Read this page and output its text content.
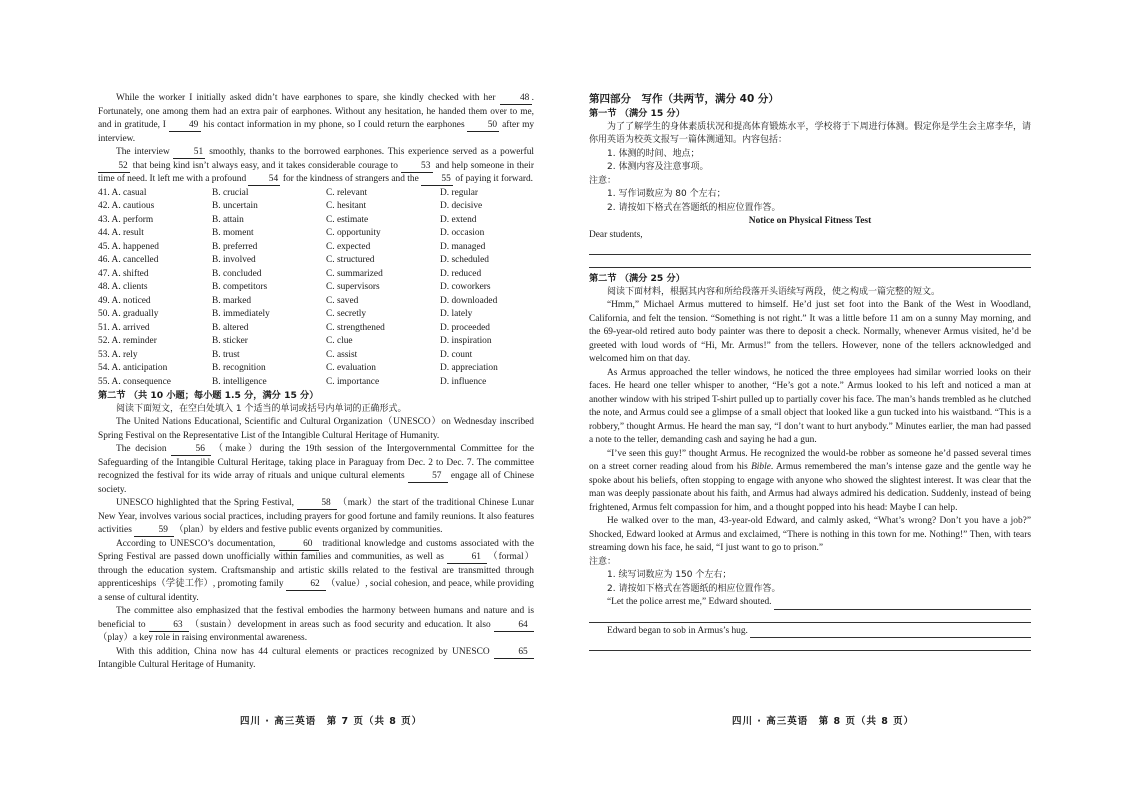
While the worker I initially asked didn’t have earphones to spare, she kindly checked with her	48 . Fortunately, one among them had an extra pair of earphones. Without any hesitation, he handed them over to me, and in gratitude, I 49 his contact information in my phone, so I could return the earphones 50 after my interview.

The interview	51 smoothly, thanks to the borrowed earphones. This experience served as a powerful 52 that being kind isn’t always easy, and it takes considerable courage to 53 and help someone in their time of need. It left me with a profound 54 for the kindness of strangers and the 55 of paying it forward.

41. A. casual	B. crucial	C. relevant	D. regular
42. A. cautious	B. uncertain	C. hesitant	D. decisive
43. A. perform	B. attain	C. estimate	D. extend
44. A. result	B. moment	C. opportunity	D. occasion
45. A. happened	B. preferred	C. expected	D. managed
46. A. cancelled	B. involved	C. structured	D. scheduled
47. A. shifted	B. concluded	C. summarized	D. reduced
48. A. clients	B. competitors	C. supervisors	D. coworkers
49. A. noticed	B. marked	C. saved	D. downloaded
50. A. gradually	B. immediately	C. secretly	D. lately
51. A. arrived	B. altered	C. strengthened	D. proceeded
52. A. reminder	B. sticker	C. clue	D. inspiration
53. A. rely	B. trust	C. assist	D. count
54. A. anticipation	B. recognition	C. evaluation	D. appreciation
55. A. consequence	B. intelligence	C. importance	D. influence

第二节 （共 10 小题；每小题 1.5 分，满分 15 分）

阅读下面短文，在空白处填入 1 个适当的单词或括号内单词的正确形式。

The United Nations Educational, Scientific and Cultural Organization（UNESCO）on Wednesday inscribed Spring Festival on the Representative List of the Intangible Cultural Heritage of Humanity.

The decision	56 （make）during the 19th session of the Intergovernmental Committee for the Safeguarding of the Intangible Cultural Heritage, taking place in Paraguay from Dec. 2 to Dec. 7. The committee recognized the festival for its wide array of rituals and unique cultural elements	57 engage all of Chinese society.

UNESCO highlighted that the Spring Festival,	58 （mark）the start of the traditional Chinese Lunar New Year, involves various social practices, including prayers for good fortune and family reunions. It also features activities	59 （plan）by elders and festive public events organized by communities.

According to UNESCO’s documentation,	60 traditional knowledge and customs associated with the Spring Festival are passed down unofficially within families and communities, as well as	61 （formal）through the education system. Craftsmanship and artistic skills related to the festival are transmitted through apprenticeships（学徒工作）, promoting family	62 （value）, social cohesion, and peace, while providing a sense of cultural identity.

The committee also emphasized that the festival embodies the harmony between humans and nature and is beneficial to	63 （sustain）development in areas such as food security and education. It also	64（play）a key role in raising environmental awareness.

With this addition, China now has 44 cultural elements or practices recognized by UNESCO	65 Intangible Cultural Heritage of Humanity.

四川 · 高三英语　第 7 页（共 8 页）

第四部分　写作（共两节，满分 40 分）

第一节 （满分 15 分）

为了了解学生的身体素质状况和提高体育锻炼水平，学校将于下周进行体测。假定你是学生会主席李华，请你用英语为校英文报写一篇体测通知。内容包括：

1. 体测的时间、地点；

2. 体测内容及注意事项。

注意：

1. 写作词数应为 80 个左右；

2. 请按如下格式在答题纸的相应位置作答。

Notice on Physical Fitness Test

Dear students,

第二节 （满分 25 分）

阅读下面材料，根据其内容和所给段落开头语续写两段，使之构成一篇完整的短文。

“Hmm,” Michael Armus muttered to himself. He’d just set foot into the Bank of the West in Woodland, California, and felt the tension. “Something is not right.” It was a little before 11 am on a sunny May morning, and the 69-year-old retired auto body painter was there to deposit a check. Normally, whenever Armus visited, he’d be greeted with loud words of “Hi, Mr. Armus!” from the tellers. However, none of the tellers acknowledged and welcomed him on that day.

As Armus approached the teller windows, he noticed the three employees had similar worried looks on their faces. He heard one teller whisper to another, “He’s got a note.” Armus looked to his left and noticed a man at another window with his striped T-shirt pulled up to partially cover his face. The man’s hands trembled as he clutched the note, and Armus could see a glimpse of a small object that looked like a gun tucked into his waistband. “This is a robbery,” thought Armus. He heard the man say, “I don’t want to hurt anybody.” Minutes earlier, the man had passed a note to the teller, demanding cash and saying he had a gun.

“I’ve seen this guy!” thought Armus. He recognized the would-be robber as someone he’d passed several times on a street corner reading aloud from his Bible. Armus remembered the man’s intense gaze and the gentle way he spoke about his beliefs, often stopping to engage with anyone who showed the slightest interest. It was clear that the man was deeply passionate about his faith, and Armus had always admired his dedication. Suddenly, instead of being frightened, Armus felt compassion for him, and a thought popped into his head: Maybe I can help.

He walked over to the man, 43-year-old Edward, and calmly asked, “What’s wrong? Don’t you have a job?” Shocked, Edward looked at Armus and exclaimed, “There is nothing in this town for me. Nothing!” Then, with tears streaming down his face, he said, “I just want to go to prison.”

注意：

1. 续写词数应为 150 个左右；

2. 请按如下格式在答题纸的相应位置作答。

“Let the police arrest me,” Edward shouted.
Edward began to sob in Armus’s hug.
四川 · 高三英语　第 8 页（共 8 页）
